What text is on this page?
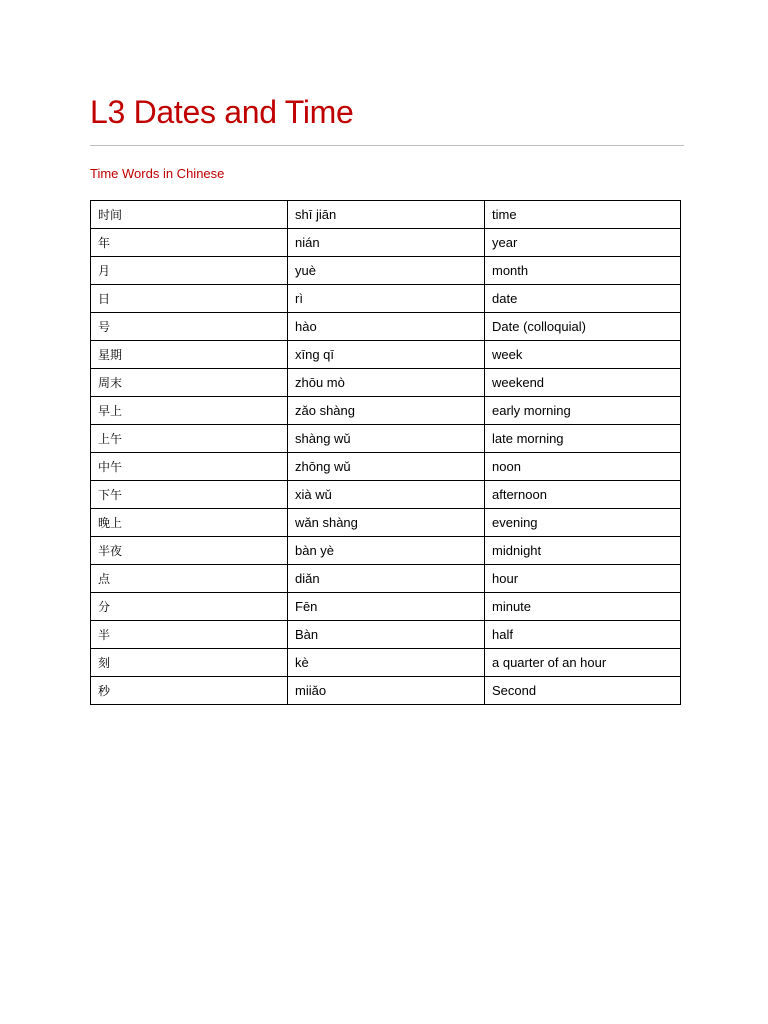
L3 Dates and Time
Time Words in Chinese
时间	shī jiān	time
年	nián	year
月	yuè	month
日	rì	date
号	hào	Date (colloquial)
星期	xīng qī	week
周末	zhōu mò	weekend
早上	zǎo shàng	early morning
上午	shàng wǔ	late morning
中午	zhōng wǔ	noon
下午	xià wǔ	afternoon
晚上	wǎn shàng	evening
半夜	bàn yè	midnight
点	diǎn	hour
分	Fēn	minute
半	Bàn	half
刻	kè	a quarter of an hour
秒	miiǎo	Second
